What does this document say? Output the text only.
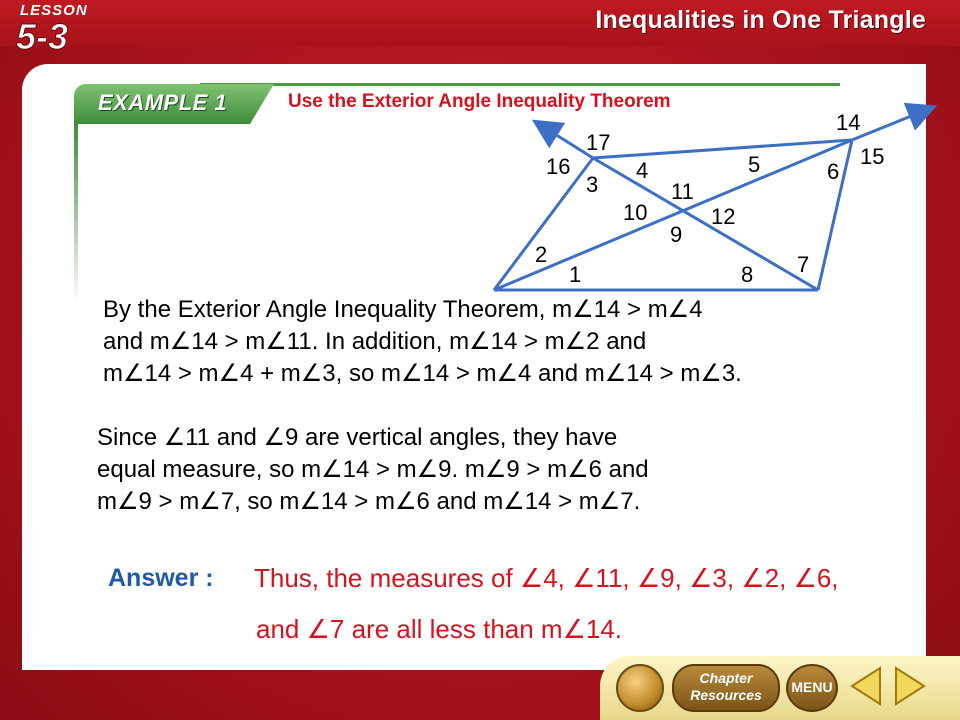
LESSON
5-3	Inequalities in One Triangle
EXAMPLE 1	Use the Exterior Angle Inequality Theorem
17
16
3
4
11
5	6
14
15
10	12
9
2
1	8 7
By the Exterior Angle Inequality Theorem, m∠14 > m∠4
and m∠14 > m∠11. In addition, m∠14 > m∠2 and
m∠14 > m∠4 + m∠3, so m∠14 > m∠4 and m∠14 > m∠3.
Since ∠11 and ∠9 are vertical angles, they have
equal measure, so m∠14 > m∠9. m∠9 > m∠6 and
m∠9 > m∠7, so m∠14 > m∠6 and m∠14 > m∠7.
Answer : Thus, the measures of ∠4, ∠11, ∠9, ∠3, ∠2, ∠6,
and ∠7 are all less than m∠14.
Chapter
Resources	MENU
